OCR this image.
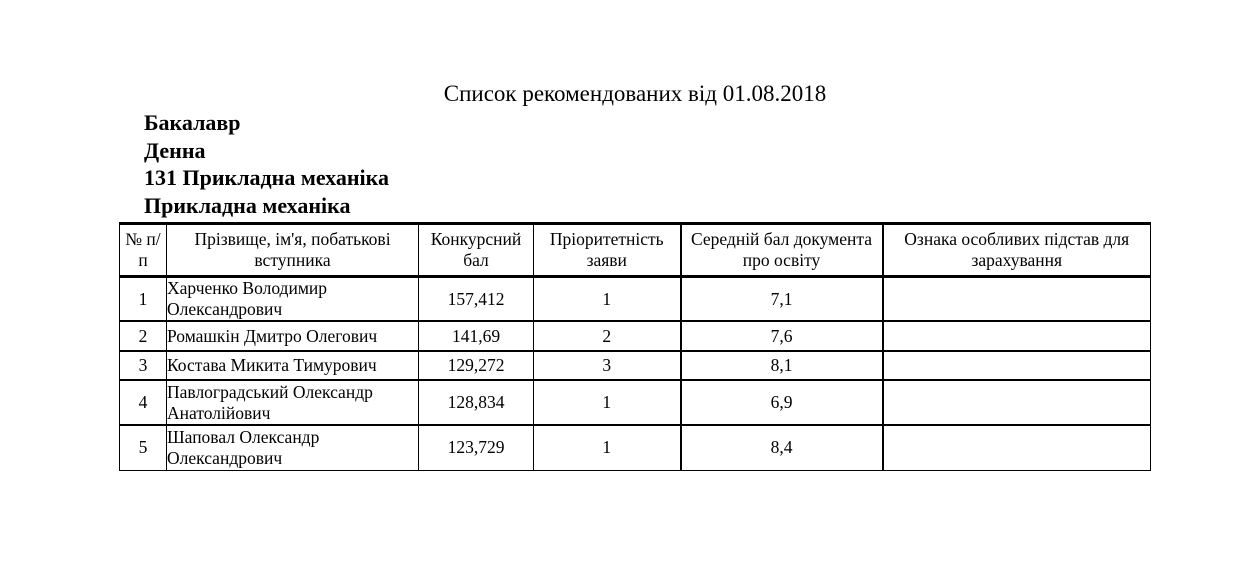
Список рекомендованих від 01.08.2018
Бакалавр
Денна
131 Прикладна механіка
Прикладна механіка
№ п/п	Прізвище, ім'я, побатькові вступника	Конкурсний бал	Пріоритетність заяви	Середній бал документа про освіту	Ознака особливих підстав для зарахування
1	Харченко Володимир Олександрович	157,412	1	7,1	
2	Ромашкін Дмитро Олегович	141,69	2	7,6	
3	Костава Микита Тимурович	129,272	3	8,1	
4	Павлоградський Олександр Анатолійович	128,834	1	6,9	
5	Шаповал Олександр Олександрович	123,729	1	8,4	
